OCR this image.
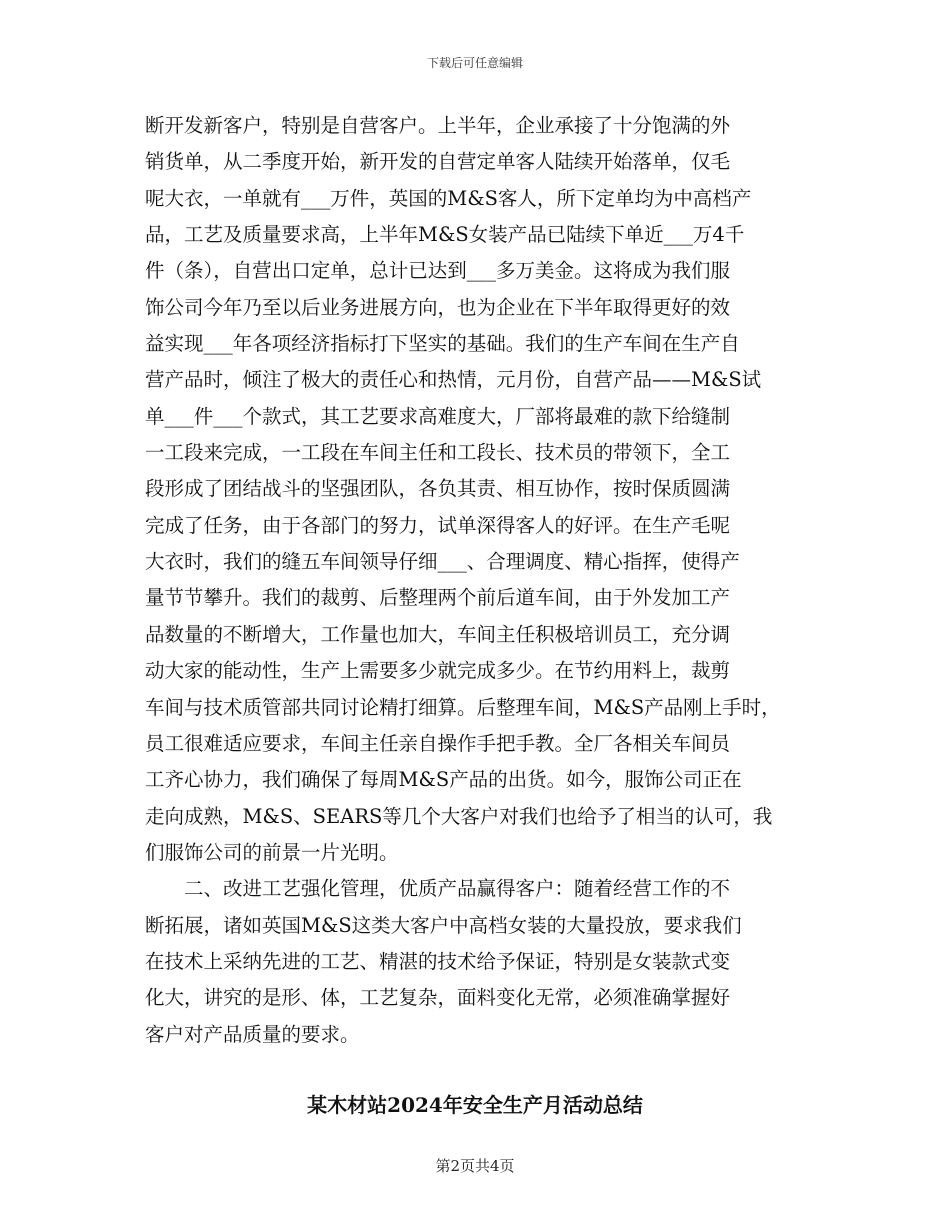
下载后可任意编辑
断开发新客户，特别是自营客户。上半年，企业承接了十分饱满的外
销货单，从二季度开始，新开发的自营定单客人陆续开始落单，仅毛
呢大衣，一单就有___万件，英国的M&S客人，所下定单均为中高档产
品，工艺及质量要求高，上半年M&S女装产品已陆续下单近___万4千
件（条），自营出口定单，总计已达到___多万美金。这将成为我们服
饰公司今年乃至以后业务进展方向，也为企业在下半年取得更好的效
益实现___年各项经济指标打下坚实的基础。我们的生产车间在生产自
营产品时，倾注了极大的责任心和热情，元月份，自营产品——M&S试
单___件___个款式，其工艺要求高难度大，厂部将最难的款下给缝制
一工段来完成，一工段在车间主任和工段长、技术员的带领下，全工
段形成了团结战斗的坚强团队，各负其责、相互协作，按时保质圆满
完成了任务，由于各部门的努力，试单深得客人的好评。在生产毛呢
大衣时，我们的缝五车间领导仔细___、合理调度、精心指挥，使得产
量节节攀升。我们的裁剪、后整理两个前后道车间，由于外发加工产
品数量的不断增大，工作量也加大，车间主任积极培训员工，充分调
动大家的能动性，生产上需要多少就完成多少。在节约用料上，裁剪
车间与技术质管部共同讨论精打细算。后整理车间，M&S产品刚上手时，
员工很难适应要求，车间主任亲自操作手把手教。全厂各相关车间员
工齐心协力，我们确保了每周M&S产品的出货。如今，服饰公司正在
走向成熟，M&S、SEARS等几个大客户对我们也给予了相当的认可，我
们服饰公司的前景一片光明。
　　二、改进工艺强化管理，优质产品赢得客户：随着经营工作的不
断拓展，诸如英国M&S这类大客户中高档女装的大量投放，要求我们
在技术上采纳先进的工艺、精湛的技术给予保证，特别是女装款式变
化大，讲究的是形、体，工艺复杂，面料变化无常，必须准确掌握好
客户对产品质量的要求。
某木材站2024年安全生产月活动总结
第2页共4页
